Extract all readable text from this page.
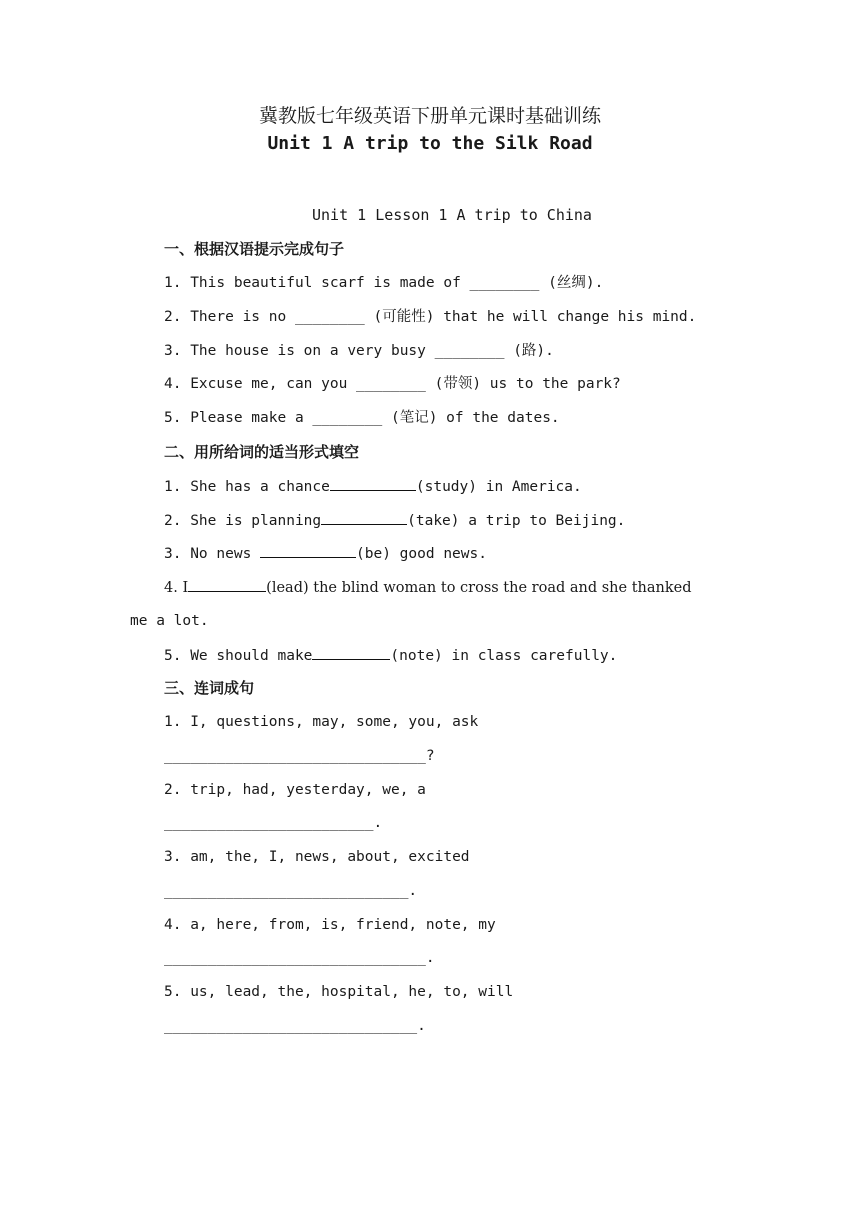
冀教版七年级英语下册单元课时基础训练
Unit 1 A trip to the Silk Road
Unit 1 Lesson 1 A trip to China
一、根据汉语提示完成句子
1. This beautiful scarf is made of ________ (丝绸).
2. There is no ________ (可能性) that he will change his mind.
3. The house is on a very busy ________ (路).
4. Excuse me, can you ________ (带领) us to the park?
5. Please make a ________ (笔记) of the dates.
二、用所给词的适当形式填空
1. She has a chance	(study) in America.
2. She is planning	(take) a trip to Beijing.
3. No news	(be) good news.
4. I	(lead) the blind woman to cross the road and she thanked
me a lot.
5. We should make	(note) in class carefully.
三、连词成句
1. I, questions, may, some, you, ask
______________________________?
2. trip, had, yesterday, we, a
________________________.
3. am, the, I, news, about, excited
____________________________.
4. a, here, from, is, friend, note, my
______________________________.
5. us, lead, the, hospital, he, to, will
_____________________________.
